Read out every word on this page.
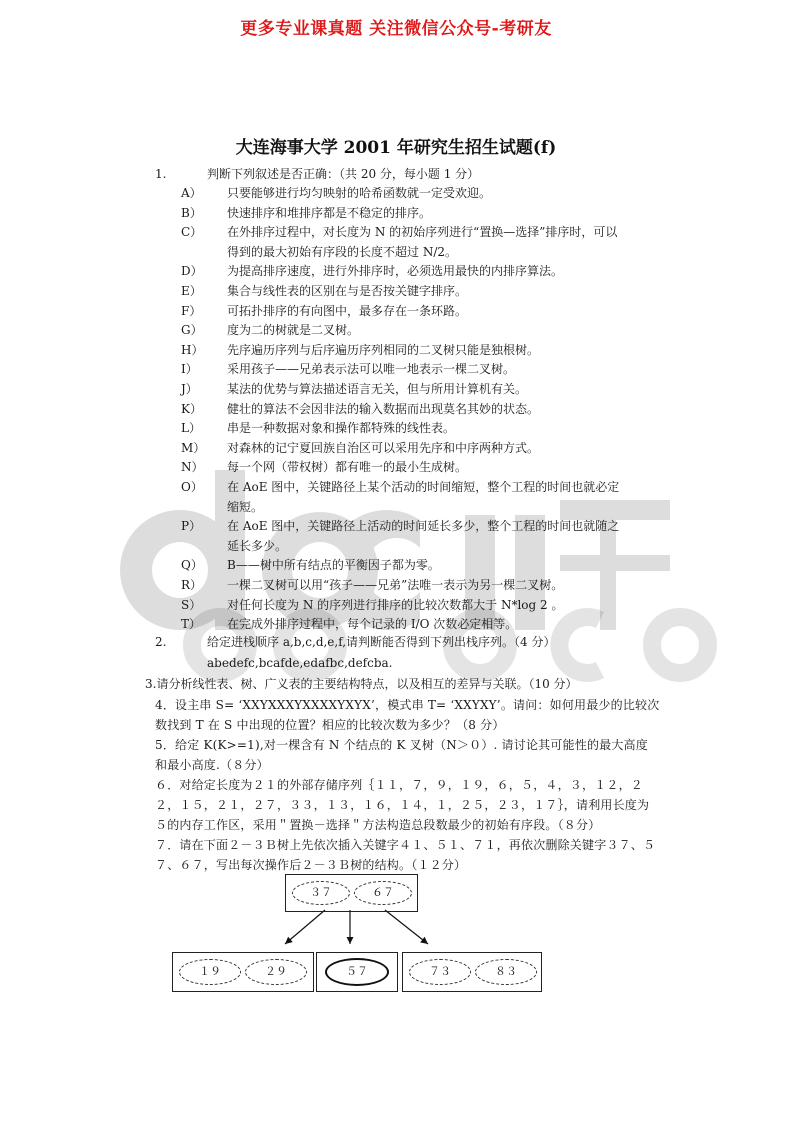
更多专业课真题 关注微信公众号-考研友
大连海事大学 2001 年研究生招生试题(f)
1.	判断下列叙述是否正确：（共 20 分，每小题 1 分）
A） 只要能够进行均匀映射的哈希函数就一定受欢迎。
B） 快速排序和堆排序都是不稳定的排序。
C） 在外排序过程中，对长度为 N 的初始序列进行“置换—选择”排序时，可以
得到的最大初始有序段的长度不超过 N/2。
D） 为提高排序速度，进行外排序时，必须选用最快的内排序算法。
E） 集合与线性表的区别在与是否按关键字排序。
F） 可拓扑排序的有向图中，最多存在一条环路。
G） 度为二的树就是二叉树。
H） 先序遍历序列与后序遍历序列相同的二叉树只能是独根树。
I） 采用孩子——兄弟表示法可以唯一地表示一棵二叉树。
J） 某法的优势与算法描述语言无关，但与所用计算机有关。
K） 健壮的算法不会因非法的输入数据而出现莫名其妙的状态。
L） 串是一种数据对象和操作都特殊的线性表。
M） 对森林的记宁夏回族自治区可以采用先序和中序两种方式。
N） 每一个网（带权树）都有唯一的最小生成树。
O） 在 AoE 图中，关键路径上某个活动的时间缩短，整个工程的时间也就必定
缩短。
P） 在 AoE 图中，关键路径上活动的时间延长多少，整个工程的时间也就随之
延长多少。
Q） B——树中所有结点的平衡因子都为零。
R） 一棵二叉树可以用“孩子——兄弟”法唯一表示为另一棵二叉树。
S） 对任何长度为 N 的序列进行排序的比较次数都大于 N*log 2 。
T） 在完成外排序过程中，每个记录的 I/O 次数必定相等。
2.	给定进栈顺序 a,b,c,d,e,f,请判断能否得到下列出栈序列。（4 分）
abedefc,bcafde,edafbc,defcba.
3.请分析线性表、树、广义表的主要结构特点，以及相互的差异与关联。（10 分）
4．设主串 S= ‘XXYXXXYXXXXYXYX’，模式串 T= ‘XXYXY’。请问：如何用最少的比较次数找到 T 在 S 中出现的位置？相应的比较次数为多少？（8 分）
5．给定 K(K>=1),对一棵含有 N 个结点的 K 叉树（N＞０）. 请讨论其可能性的最大高度和最小高度.（８分）
６．对给定长度为２１的外部存储序列｛１１，７，９，１９，６，５，４，３，１２，２２，１５，２１，２７，３３，１３，１６，１４，１，２５，２３，１７｝，请利用长度为５的内存工作区，采用＂置换－选择＂方法构造总段数最少的初始有序段。（８分）
７．请在下面２－３Ｂ树上先依次插入关键字４１、５１、７１，再依次删除关键字３７、５７、６７，写出每次操作后２－３Ｂ树的结构。（１２分）
３７	６７
１９	２９	５７	７３	８３
